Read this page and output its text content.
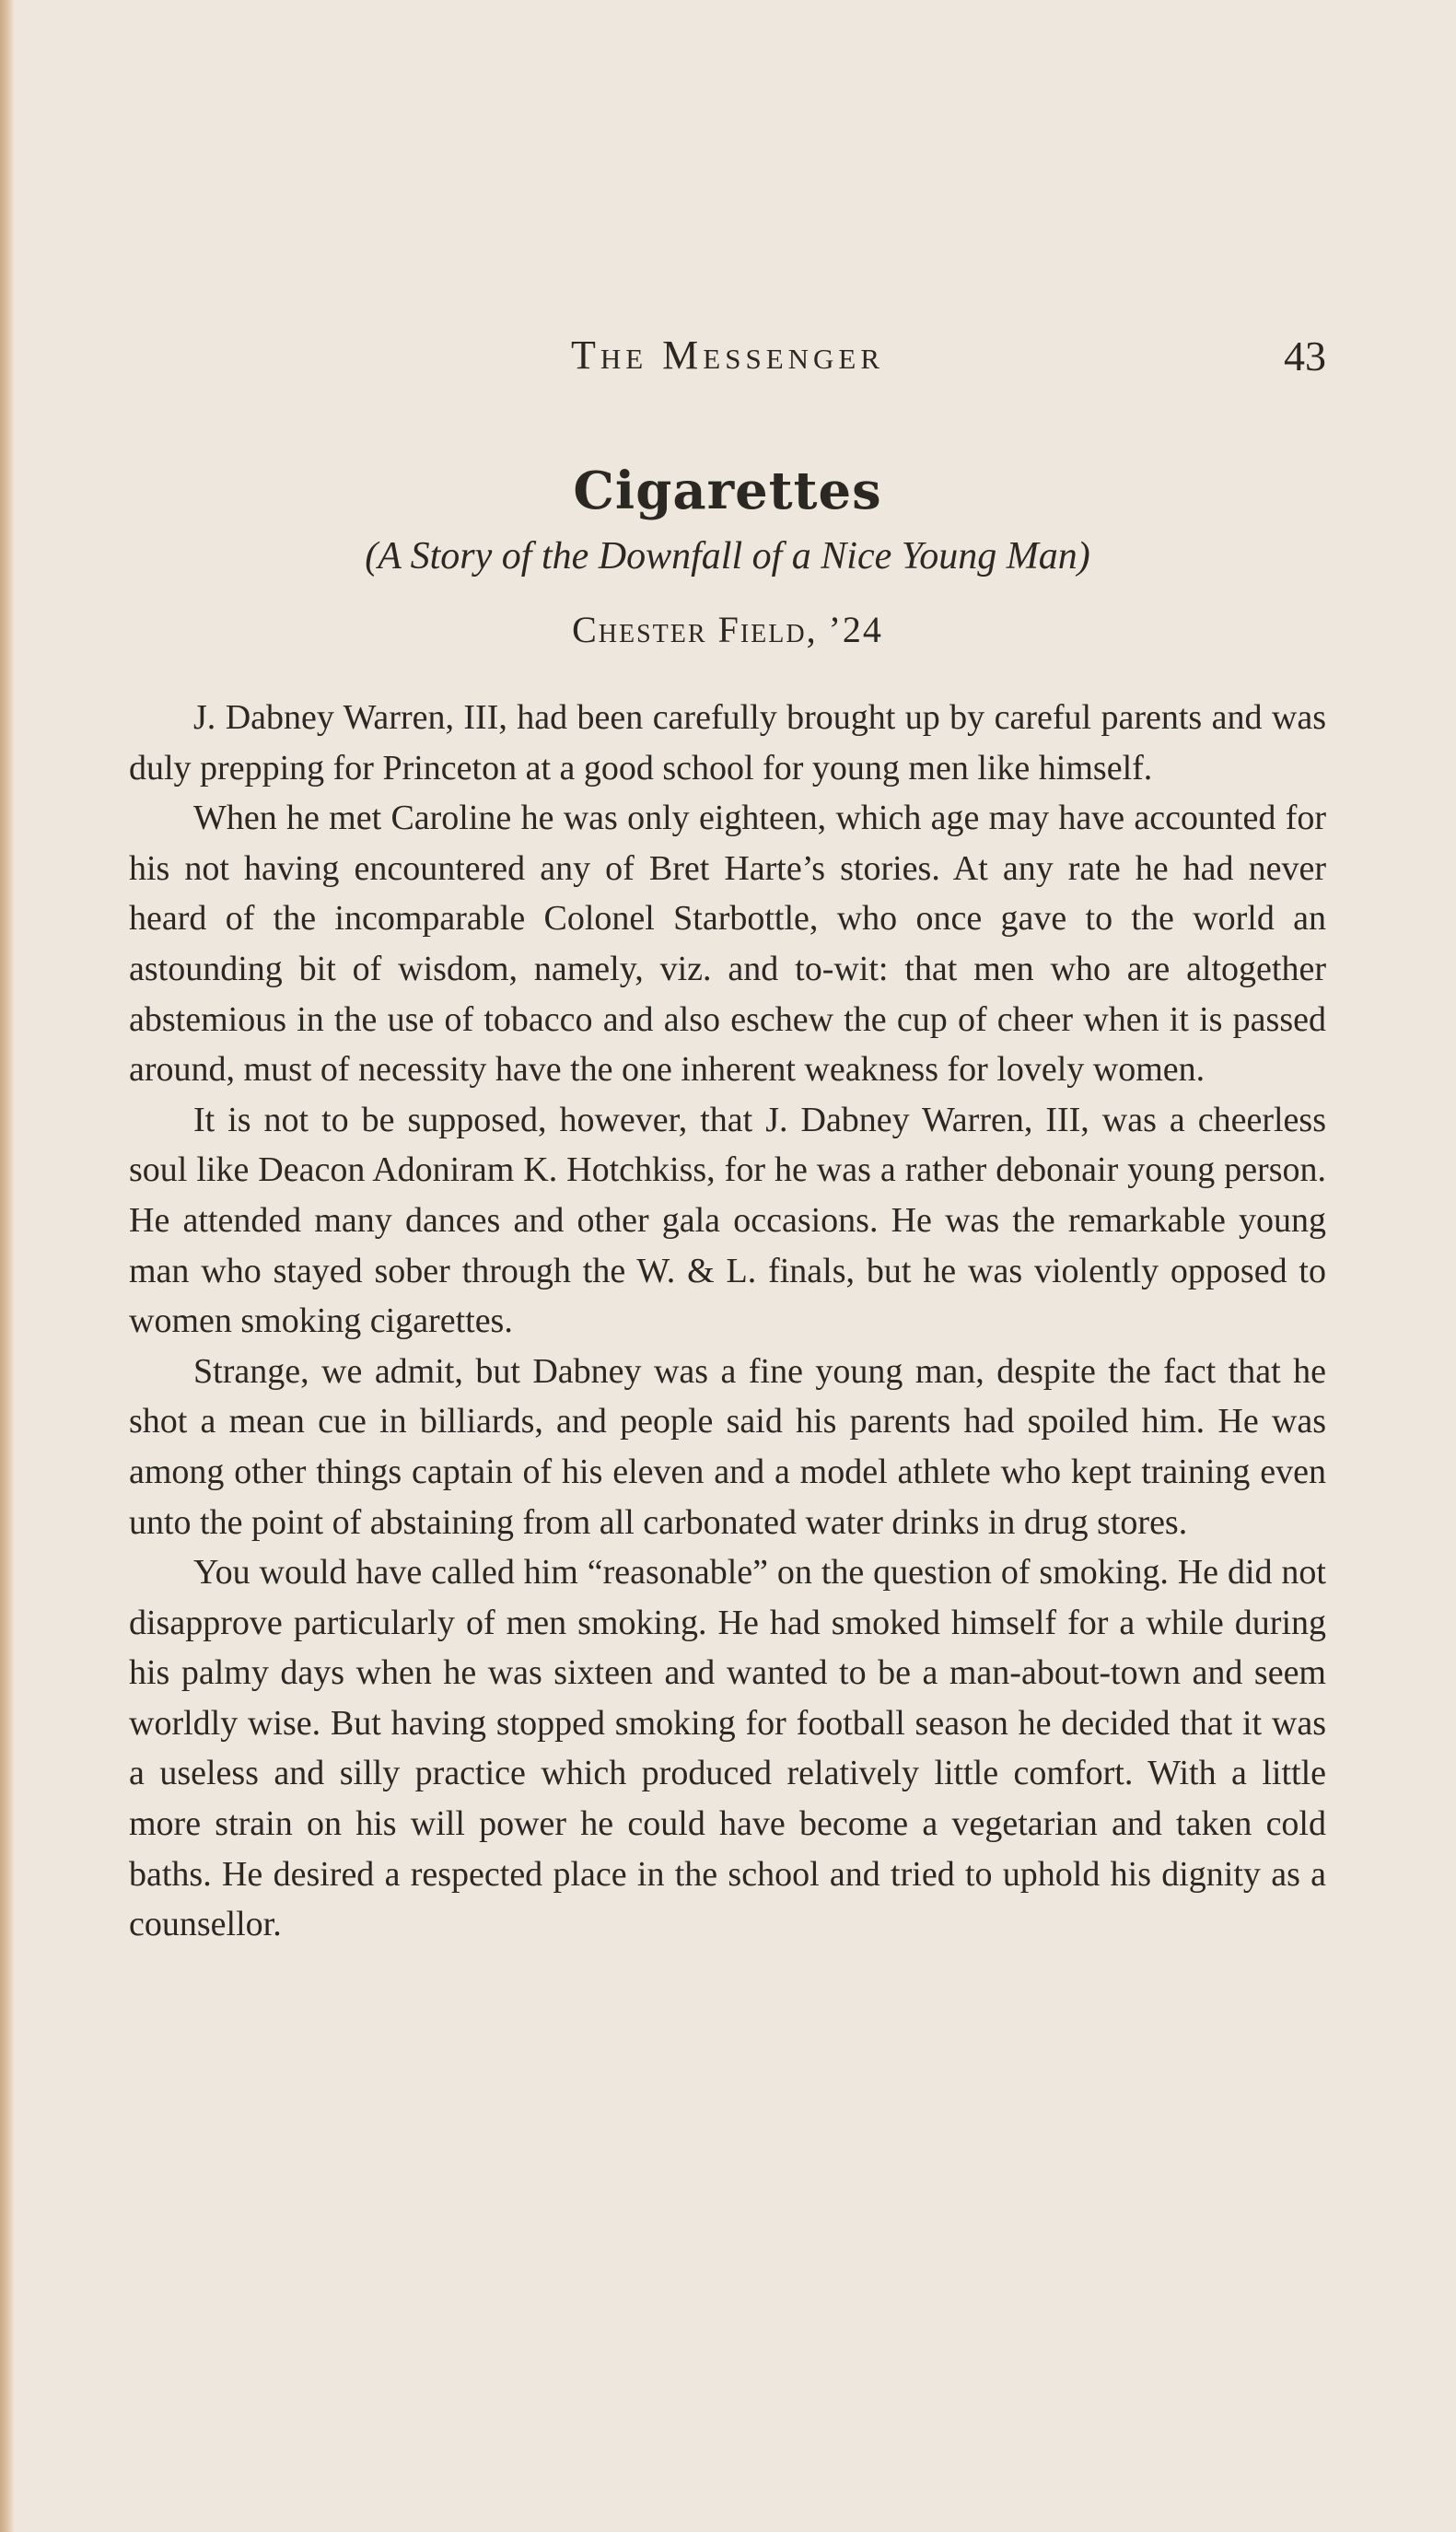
The Messenger	43
Cigarettes
(A Story of the Downfall of a Nice Young Man)
Chester Field, ’24

J. Dabney Warren, III, had been carefully brought up by careful parents and was duly prepping for Princeton at a good school for young men like himself.

When he met Caroline he was only eighteen, which age may have accounted for his not having encountered any of Bret Harte’s stories. At any rate he had never heard of the incomparable Colonel Starbottle, who once gave to the world an astounding bit of wisdom, namely, viz. and to-wit: that men who are altogether abstemious in the use of tobacco and also eschew the cup of cheer when it is passed around, must of necessity have the one inherent weakness for lovely women.

It is not to be supposed, however, that J. Dabney Warren, III, was a cheerless soul like Deacon Adoniram K. Hotchkiss, for he was a rather debonair young person. He attended many dances and other gala occasions. He was the remarkable young man who stayed sober through the W. & L. finals, but he was violently opposed to women smoking cigarettes.

Strange, we admit, but Dabney was a fine young man, despite the fact that he shot a mean cue in billiards, and people said his parents had spoiled him. He was among other things captain of his eleven and a model athlete who kept training even unto the point of abstaining from all carbonated water drinks in drug stores.

You would have called him “reasonable” on the question of smoking. He did not disapprove particularly of men smoking. He had smoked himself for a while during his palmy days when he was sixteen and wanted to be a man-about-town and seem worldly wise. But having stopped smoking for football season he decided that it was a useless and silly practice which produced relatively little comfort. With a little more strain on his will power he could have become a vegetarian and taken cold baths. He desired a respected place in the school and tried to uphold his dignity as a counsellor.
